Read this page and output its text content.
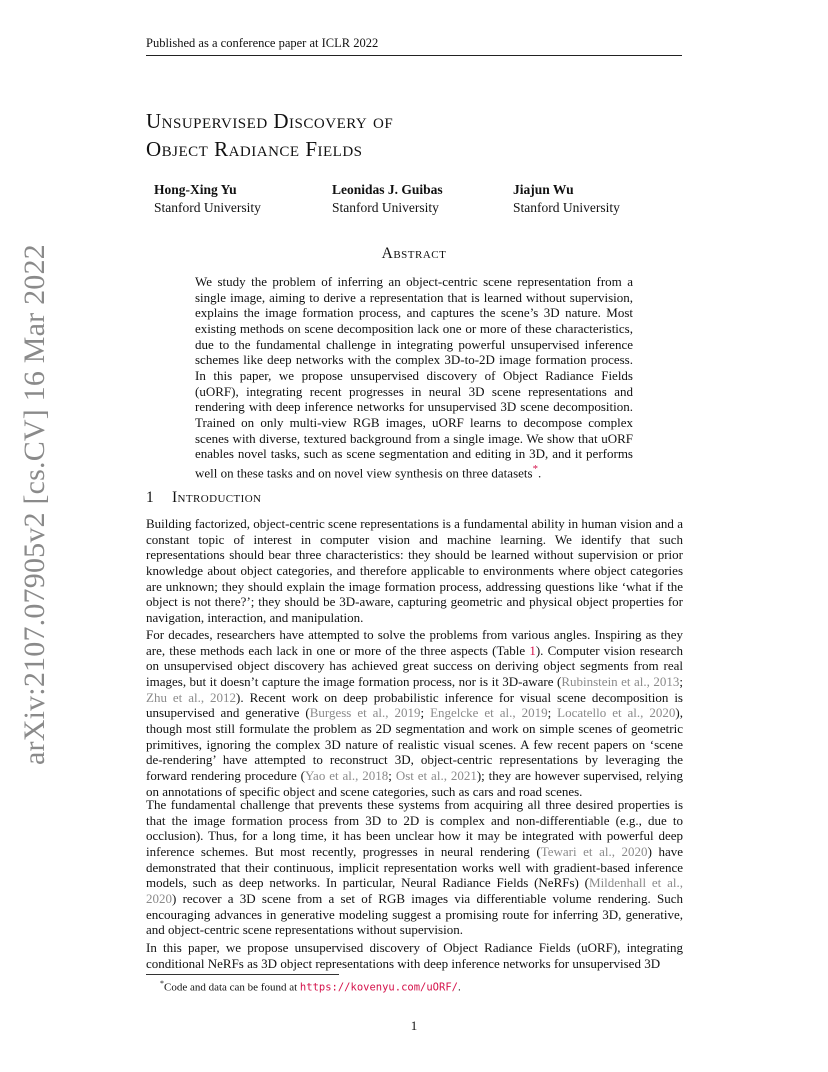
Published as a conference paper at ICLR 2022
arXiv:2107.07905v2 [cs.CV] 16 Mar 2022
Unsupervised Discovery of
Object Radiance Fields
Hong-Xing Yu
Stanford University
Leonidas J. Guibas
Stanford University
Jiajun Wu
Stanford University
Abstract
We study the problem of inferring an object-centric scene representation from a single image, aiming to derive a representation that is learned without supervision, explains the image formation process, and captures the scene’s 3D nature. Most existing methods on scene decomposition lack one or more of these characteristics, due to the fundamental challenge in integrating powerful unsupervised inference schemes like deep networks with the complex 3D-to-2D image formation process. In this paper, we propose unsupervised discovery of Object Radiance Fields (uORF), integrating recent progresses in neural 3D scene representations and rendering with deep inference networks for unsupervised 3D scene decomposition. Trained on only multi-view RGB images, uORF learns to decompose complex scenes with diverse, textured background from a single image. We show that uORF enables novel tasks, such as scene segmentation and editing in 3D, and it performs well on these tasks and on novel view synthesis on three datasets*.
1 Introduction
Building factorized, object-centric scene representations is a fundamental ability in human vision and a constant topic of interest in computer vision and machine learning. We identify that such representations should bear three characteristics: they should be learned without supervision or prior knowledge about object categories, and therefore applicable to environments where object categories are unknown; they should explain the image formation process, addressing questions like ‘what if the object is not there?’; they should be 3D-aware, capturing geometric and physical object properties for navigation, interaction, and manipulation.
For decades, researchers have attempted to solve the problems from various angles. Inspiring as they are, these methods each lack in one or more of the three aspects (Table 1). Computer vision research on unsupervised object discovery has achieved great success on deriving object segments from real images, but it doesn’t capture the image formation process, nor is it 3D-aware (Rubinstein et al., 2013; Zhu et al., 2012). Recent work on deep probabilistic inference for visual scene decomposition is unsupervised and generative (Burgess et al., 2019; Engelcke et al., 2019; Locatello et al., 2020), though most still formulate the problem as 2D segmentation and work on simple scenes of geometric primitives, ignoring the complex 3D nature of realistic visual scenes. A few recent papers on ‘scene de-rendering’ have attempted to reconstruct 3D, object-centric representations by leveraging the forward rendering procedure (Yao et al., 2018; Ost et al., 2021); they are however supervised, relying on annotations of specific object and scene categories, such as cars and road scenes.
The fundamental challenge that prevents these systems from acquiring all three desired properties is that the image formation process from 3D to 2D is complex and non-differentiable (e.g., due to occlusion). Thus, for a long time, it has been unclear how it may be integrated with powerful deep inference schemes. But most recently, progresses in neural rendering (Tewari et al., 2020) have demonstrated that their continuous, implicit representation works well with gradient-based inference models, such as deep networks. In particular, Neural Radiance Fields (NeRFs) (Mildenhall et al., 2020) recover a 3D scene from a set of RGB images via differentiable volume rendering. Such encouraging advances in generative modeling suggest a promising route for inferring 3D, generative, and object-centric scene representations without supervision.
In this paper, we propose unsupervised discovery of Object Radiance Fields (uORF), integrating conditional NeRFs as 3D object representations with deep inference networks for unsupervised 3D
*Code and data can be found at https://kovenyu.com/uORF/.
1
